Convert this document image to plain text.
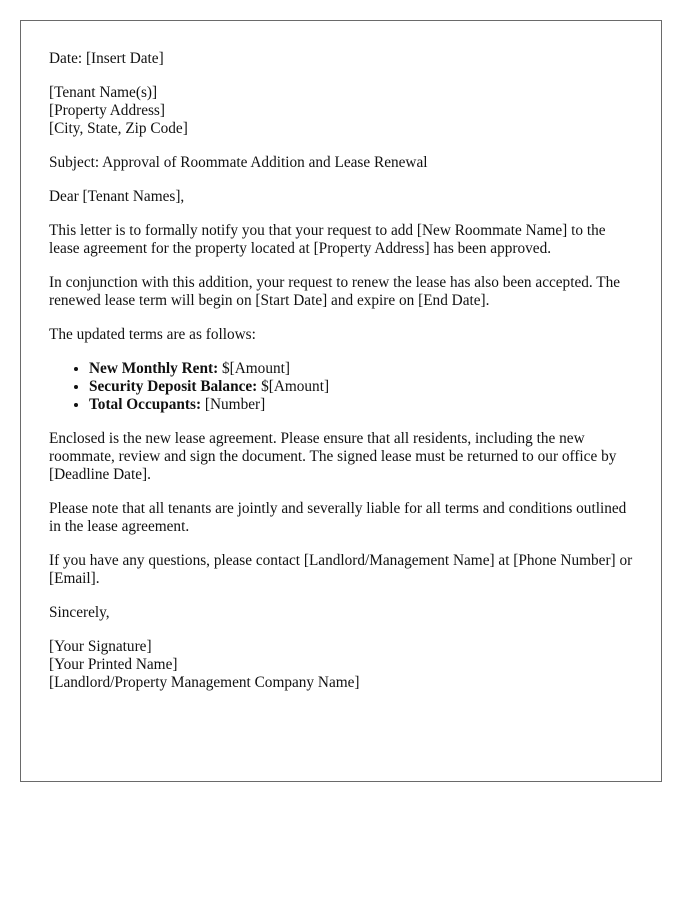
Date: [Insert Date]

[Tenant Name(s)]
[Property Address]
[City, State, Zip Code]

Subject: Approval of Roommate Addition and Lease Renewal

Dear [Tenant Names],

This letter is to formally notify you that your request to add [New Roommate Name] to the lease agreement for the property located at [Property Address] has been approved.

In conjunction with this addition, your request to renew the lease has also been accepted. The renewed lease term will begin on [Start Date] and expire on [End Date].

The updated terms are as follows:

• New Monthly Rent: $[Amount]
• Security Deposit Balance: $[Amount]
• Total Occupants: [Number]

Enclosed is the new lease agreement. Please ensure that all residents, including the new roommate, review and sign the document. The signed lease must be returned to our office by [Deadline Date].

Please note that all tenants are jointly and severally liable for all terms and conditions outlined in the lease agreement.

If you have any questions, please contact [Landlord/Management Name] at [Phone Number] or [Email].

Sincerely,

[Your Signature]
[Your Printed Name]
[Landlord/Property Management Company Name]
